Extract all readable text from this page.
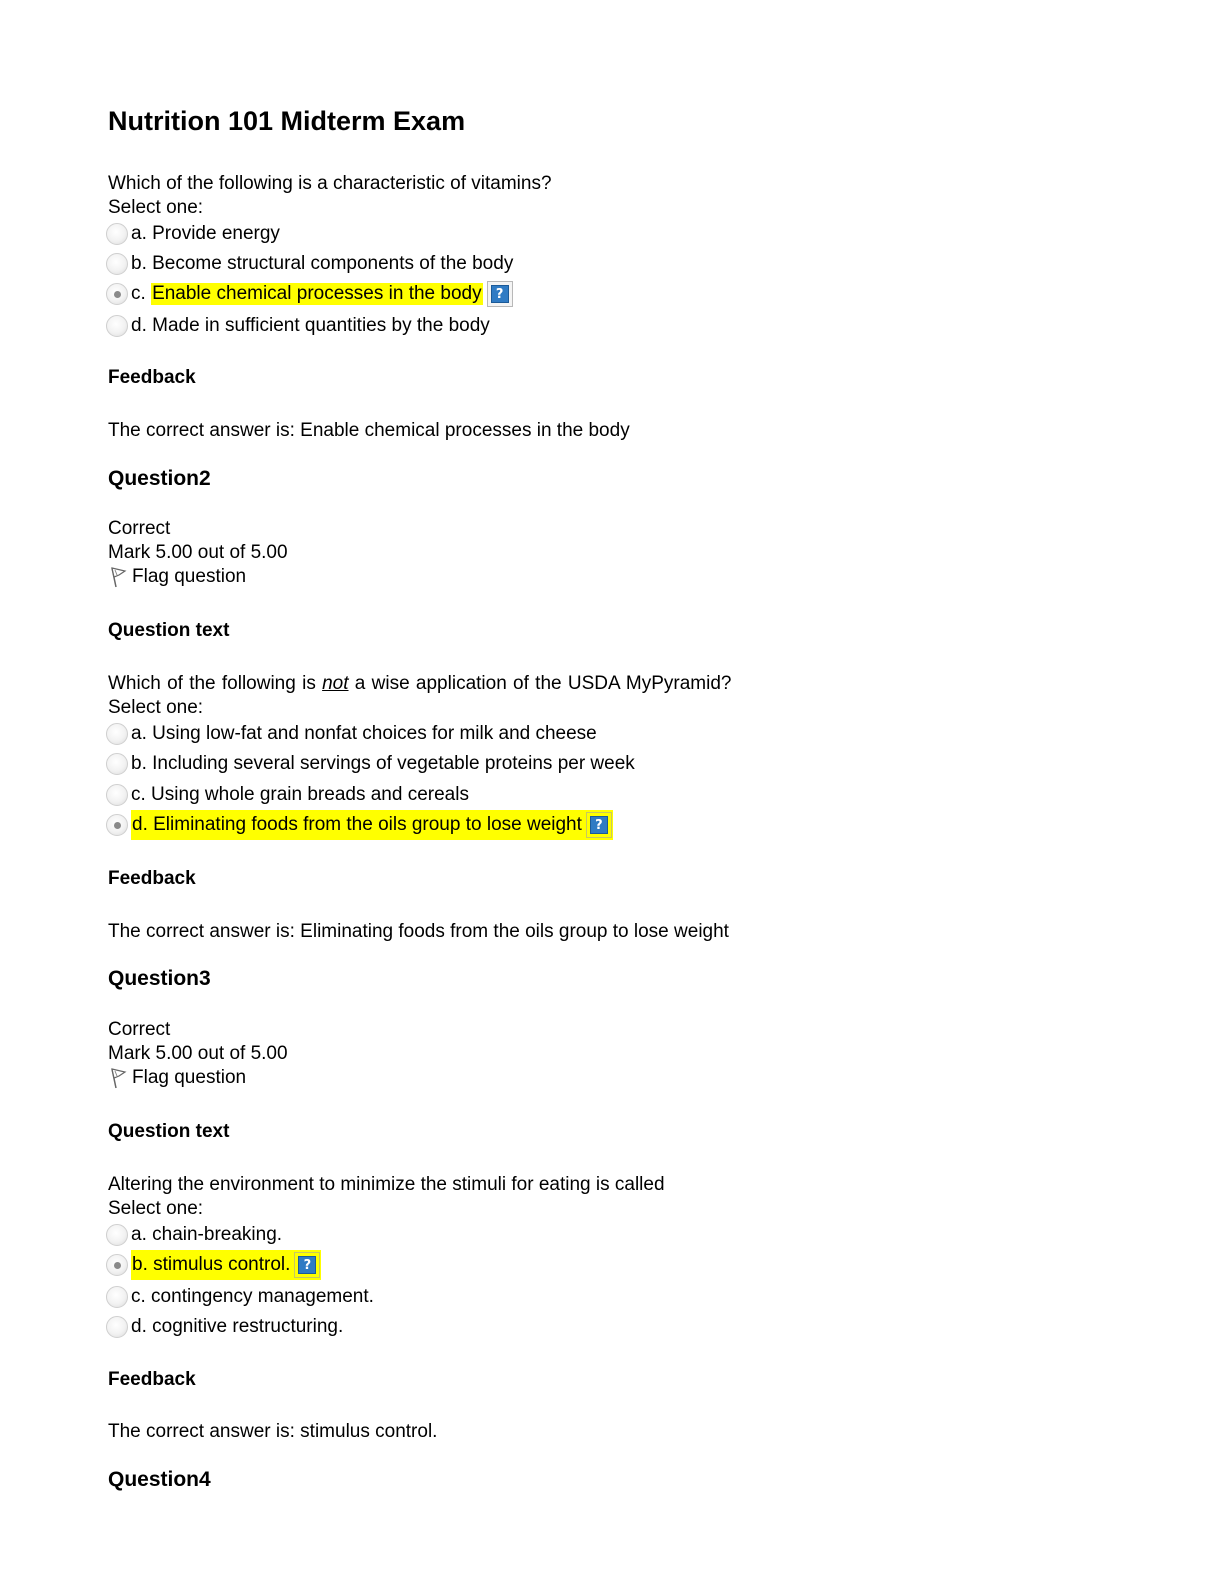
Nutrition 101 Midterm Exam
Which of the following is a characteristic of vitamins?
Select one:
a. Provide energy
b. Become structural components of the body
c. Enable chemical processes in the body	?
d. Made in sufficient quantities by the body
Feedback
The correct answer is: Enable chemical processes in the body
Question2
Correct
Mark 5.00 out of 5.00
Flag question
Question text
Which of the following is not a wise application of the USDA MyPyramid?
Select one:
a. Using low-fat and nonfat choices for milk and cheese
b. Including several servings of vegetable proteins per week
c. Using whole grain breads and cereals
d. Eliminating foods from the oils group to lose weight	?
Feedback
The correct answer is: Eliminating foods from the oils group to lose weight
Question3
Correct
Mark 5.00 out of 5.00
Flag question
Question text
Altering the environment to minimize the stimuli for eating is called
Select one:
a. chain-breaking.
b. stimulus control.	?
c. contingency management.
d. cognitive restructuring.
Feedback
The correct answer is: stimulus control.
Question4
